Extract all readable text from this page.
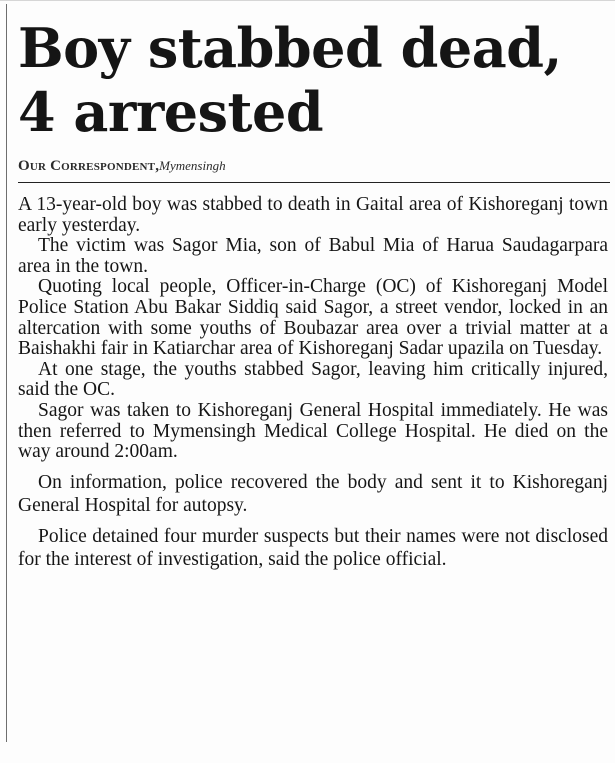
Boy stabbed dead,
4 arrested
Our Correspondent,Mymensingh

A 13-year-old boy was stabbed to death in Gaital area of Kishoreganj town early yesterday.

The victim was Sagor Mia, son of Babul Mia of Harua Saudagarpara area in the town.

Quoting local people, Officer-in-Charge (OC) of Kishoreganj Model Police Station Abu Bakar Siddiq said Sagor, a street vendor, locked in an altercation with some youths of Boubazar area over a trivial matter at a Baishakhi fair in Katiarchar area of Kishoreganj Sadar upazila on Tuesday.

At one stage, the youths stabbed Sagor, leaving him critically injured, said the OC.

Sagor was taken to Kishoreganj General Hospital immediately. He was then referred to Mymensingh Medical College Hospital. He died on the way around 2:00am.

On information, police recovered the body and sent it to Kishoreganj General Hospital for autopsy.

Police detained four murder suspects but their names were not disclosed for the interest of investigation, said the police official.
